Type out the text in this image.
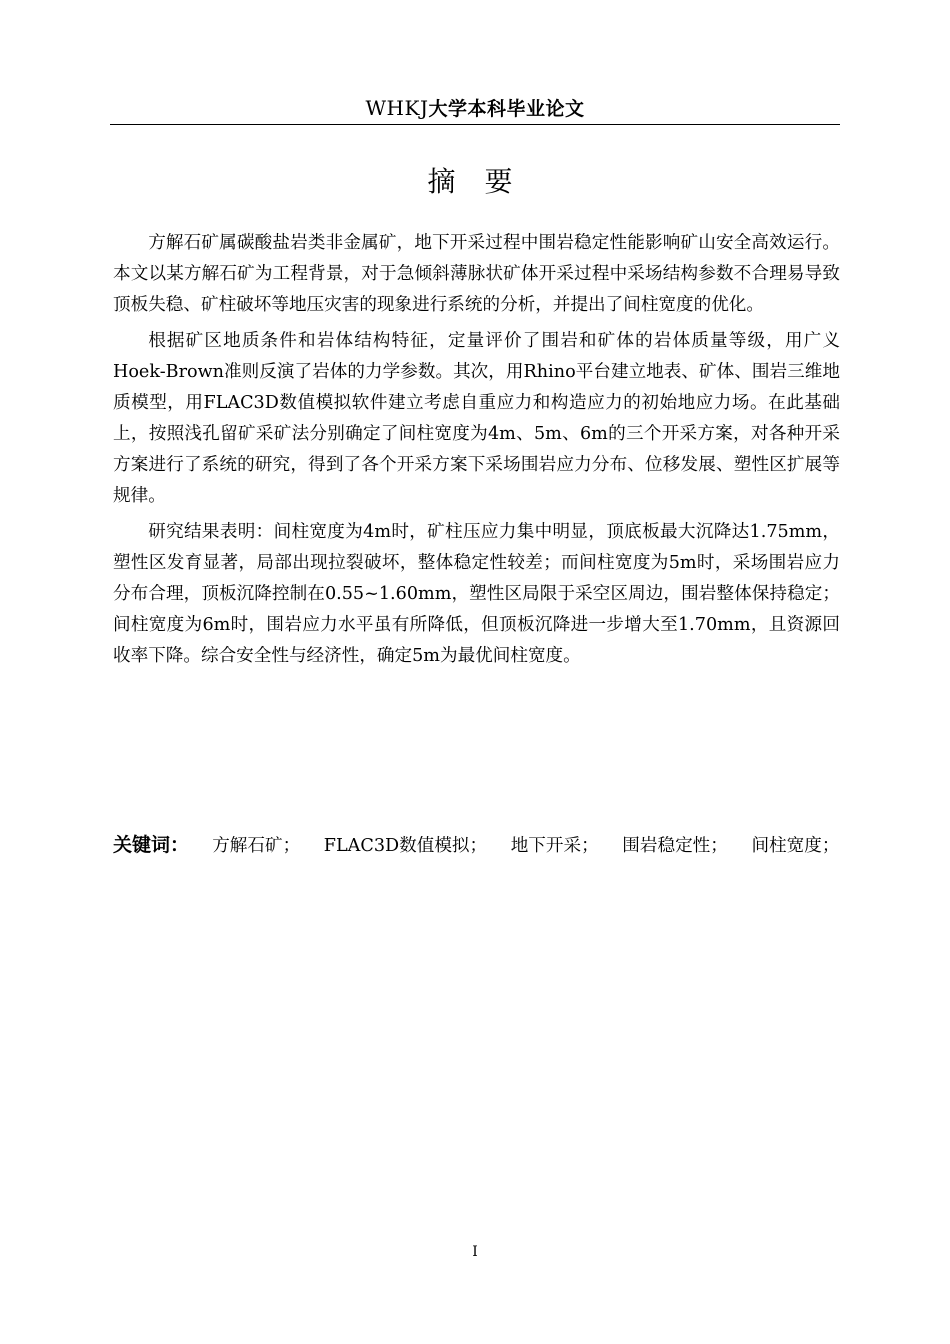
WHKJ大学本科毕业论文
摘 要

方解石矿属碳酸盐岩类非金属矿，地下开采过程中围岩稳定性能影响矿山安全高效运行。本文以某方解石矿为工程背景，对于急倾斜薄脉状矿体开采过程中采场结构参数不合理易导致顶板失稳、矿柱破坏等地压灾害的现象进行系统的分析，并提出了间柱宽度的优化。

根据矿区地质条件和岩体结构特征，定量评价了围岩和矿体的岩体质量等级，用广义Hoek-Brown准则反演了岩体的力学参数。其次，用Rhino平台建立地表、矿体、围岩三维地质模型，用FLAC3D数值模拟软件建立考虑自重应力和构造应力的初始地应力场。在此基础上，按照浅孔留矿采矿法分别确定了间柱宽度为4m、5m、6m的三个开采方案，对各种开采方案进行了系统的研究，得到了各个开采方案下采场围岩应力分布、位移发展、塑性区扩展等规律。

研究结果表明：间柱宽度为4m时，矿柱压应力集中明显，顶底板最大沉降达1.75mm，塑性区发育显著，局部出现拉裂破坏，整体稳定性较差；而间柱宽度为5m时，采场围岩应力分布合理，顶板沉降控制在0.55~1.60mm，塑性区局限于采空区周边，围岩整体保持稳定；间柱宽度为6m时，围岩应力水平虽有所降低，但顶板沉降进一步增大至1.70mm，且资源回收率下降。综合安全性与经济性，确定5m为最优间柱宽度。

关键词： 方解石矿； FLAC3D数值模拟； 地下开采； 围岩稳定性； 间柱宽度；
I
